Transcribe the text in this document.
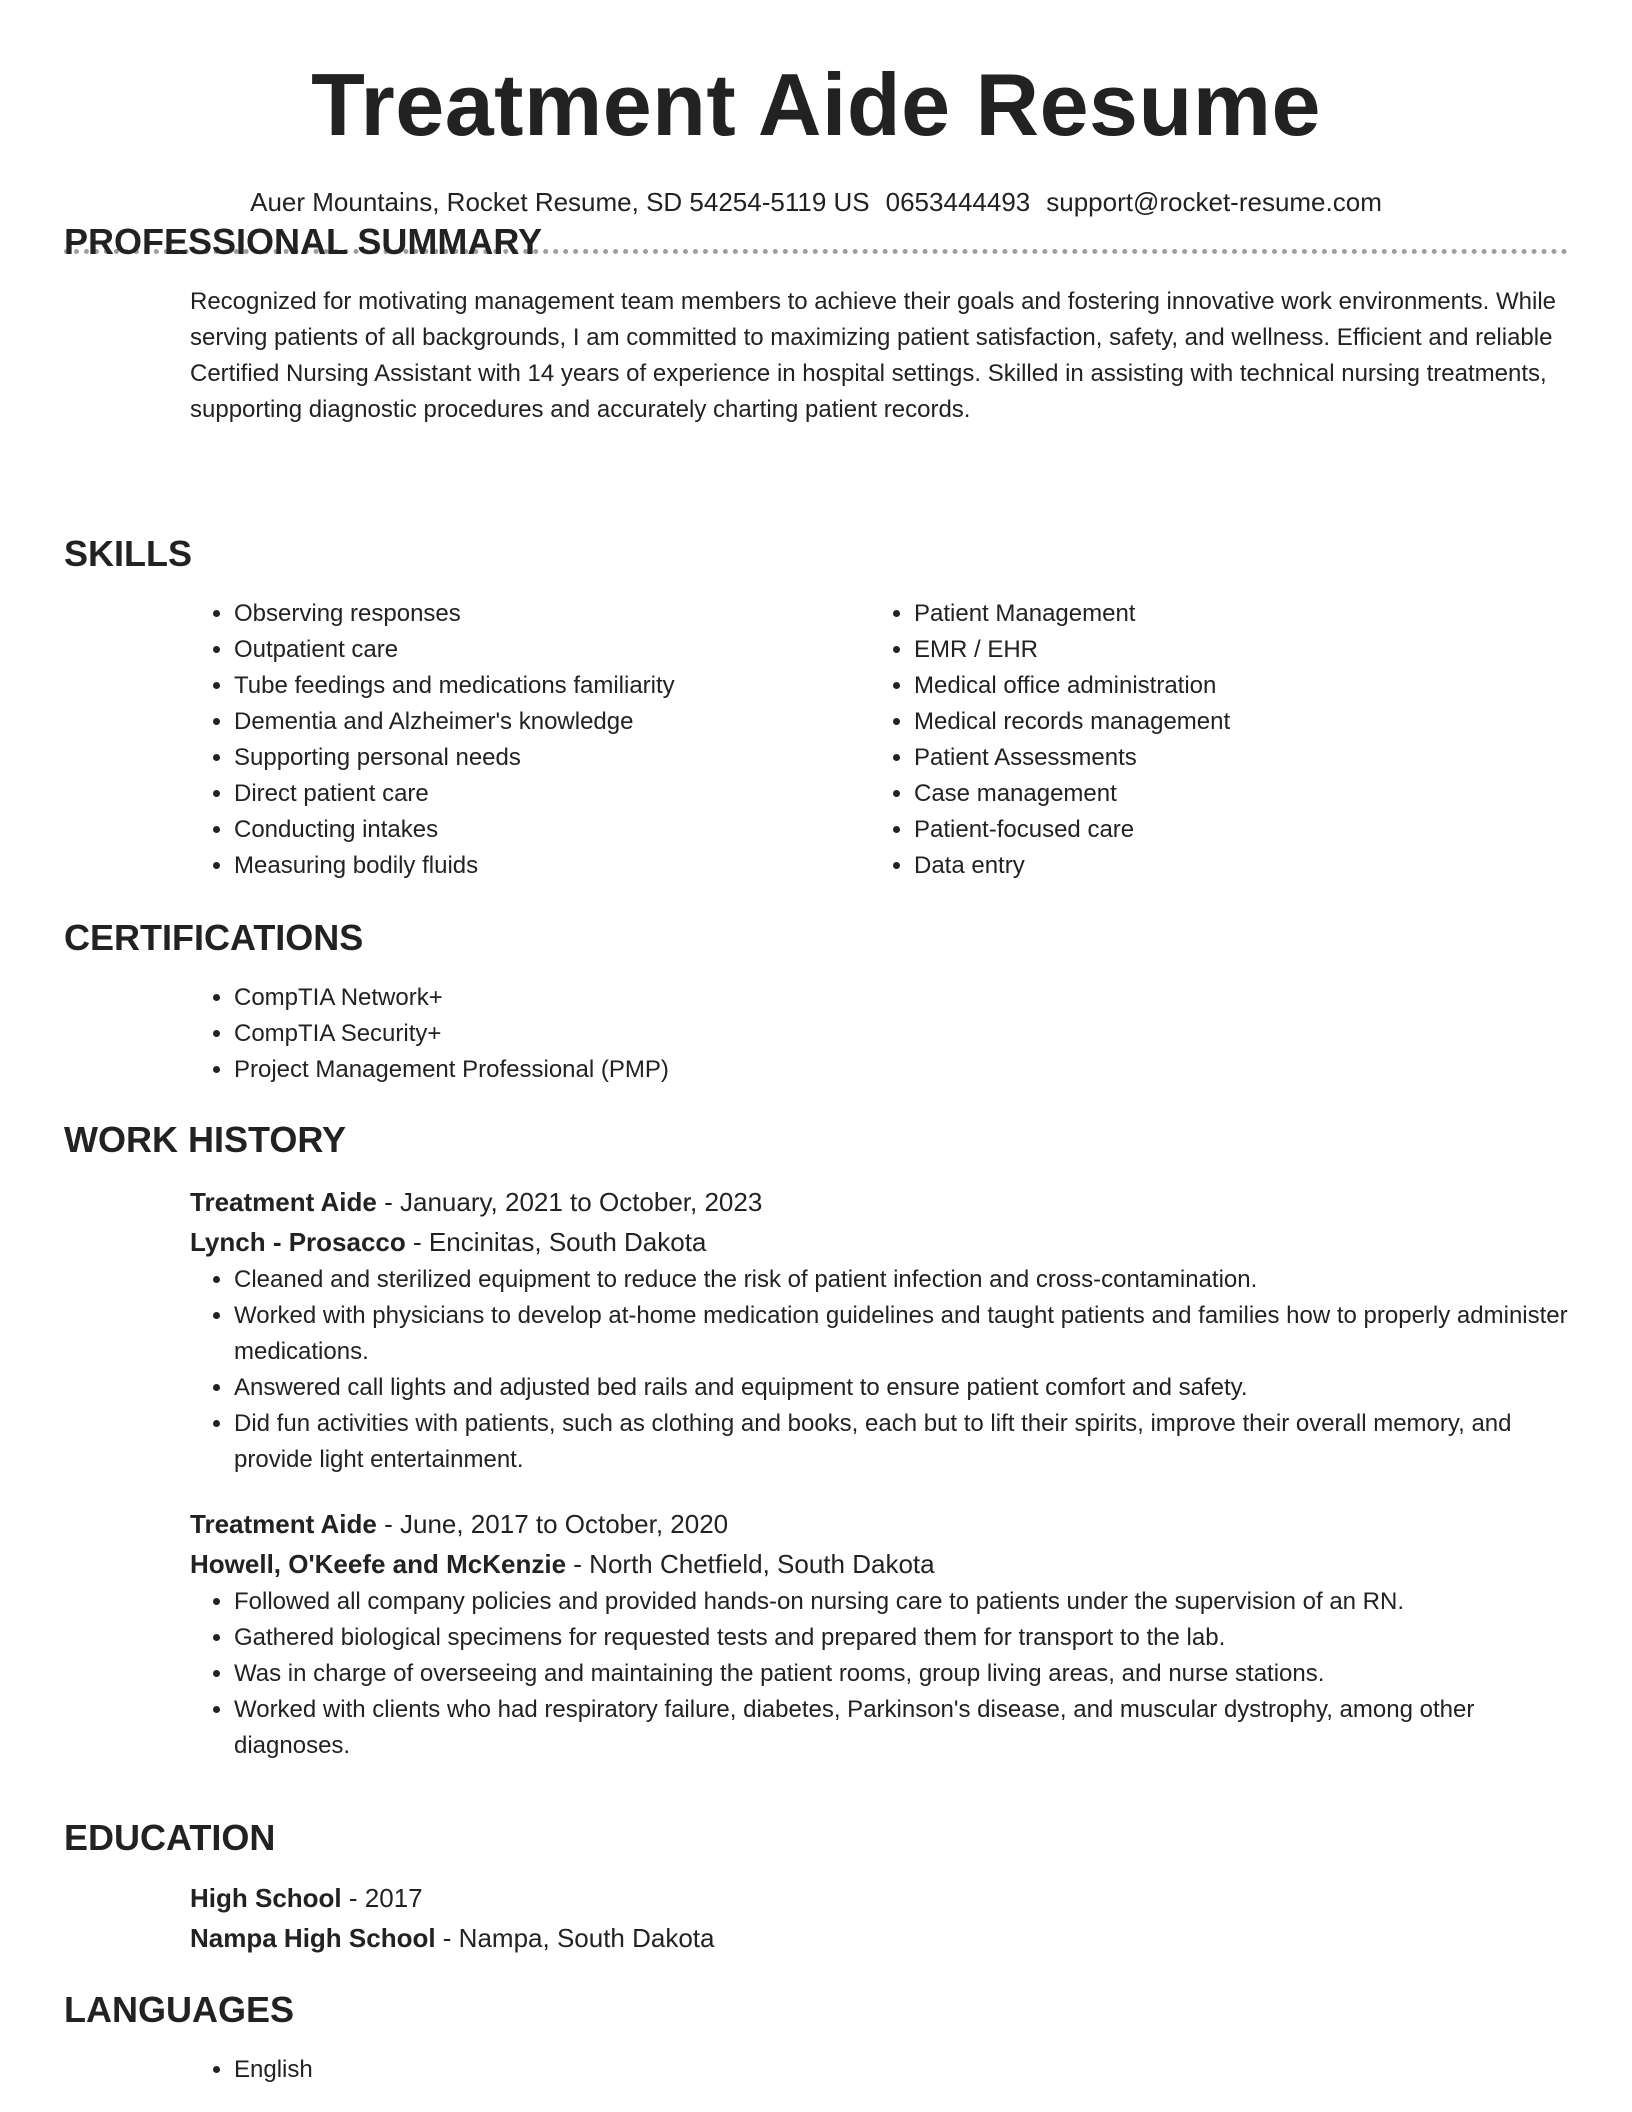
Treatment Aide Resume
Auer Mountains, Rocket Resume, SD 54254-5119 US 0653444493 support@rocket-resume.com
PROFESSIONAL SUMMARY
Recognized for motivating management team members to achieve their goals and fostering innovative work environments. While serving patients of all backgrounds, I am committed to maximizing patient satisfaction, safety, and wellness. Efficient and reliable Certified Nursing Assistant with 14 years of experience in hospital settings. Skilled in assisting with technical nursing treatments, supporting diagnostic procedures and accurately charting patient records.
SKILLS
• Observing responses
• Outpatient care
• Tube feedings and medications familiarity
• Dementia and Alzheimer's knowledge
• Supporting personal needs
• Direct patient care
• Conducting intakes
• Measuring bodily fluids
• Patient Management
• EMR / EHR
• Medical office administration
• Medical records management
• Patient Assessments
• Case management
• Patient-focused care
• Data entry
CERTIFICATIONS
• CompTIA Network+
• CompTIA Security+
• Project Management Professional (PMP)
WORK HISTORY
Treatment Aide - January, 2021 to October, 2023
Lynch - Prosacco - Encinitas, South Dakota
• Cleaned and sterilized equipment to reduce the risk of patient infection and cross-contamination.
• Worked with physicians to develop at-home medication guidelines and taught patients and families how to properly administer medications.
• Answered call lights and adjusted bed rails and equipment to ensure patient comfort and safety.
• Did fun activities with patients, such as clothing and books, each but to lift their spirits, improve their overall memory, and provide light entertainment.
Treatment Aide - June, 2017 to October, 2020
Howell, O'Keefe and McKenzie - North Chetfield, South Dakota
• Followed all company policies and provided hands-on nursing care to patients under the supervision of an RN.
• Gathered biological specimens for requested tests and prepared them for transport to the lab.
• Was in charge of overseeing and maintaining the patient rooms, group living areas, and nurse stations.
• Worked with clients who had respiratory failure, diabetes, Parkinson's disease, and muscular dystrophy, among other diagnoses.
EDUCATION
High School - 2017
Nampa High School - Nampa, South Dakota
LANGUAGES
• English
